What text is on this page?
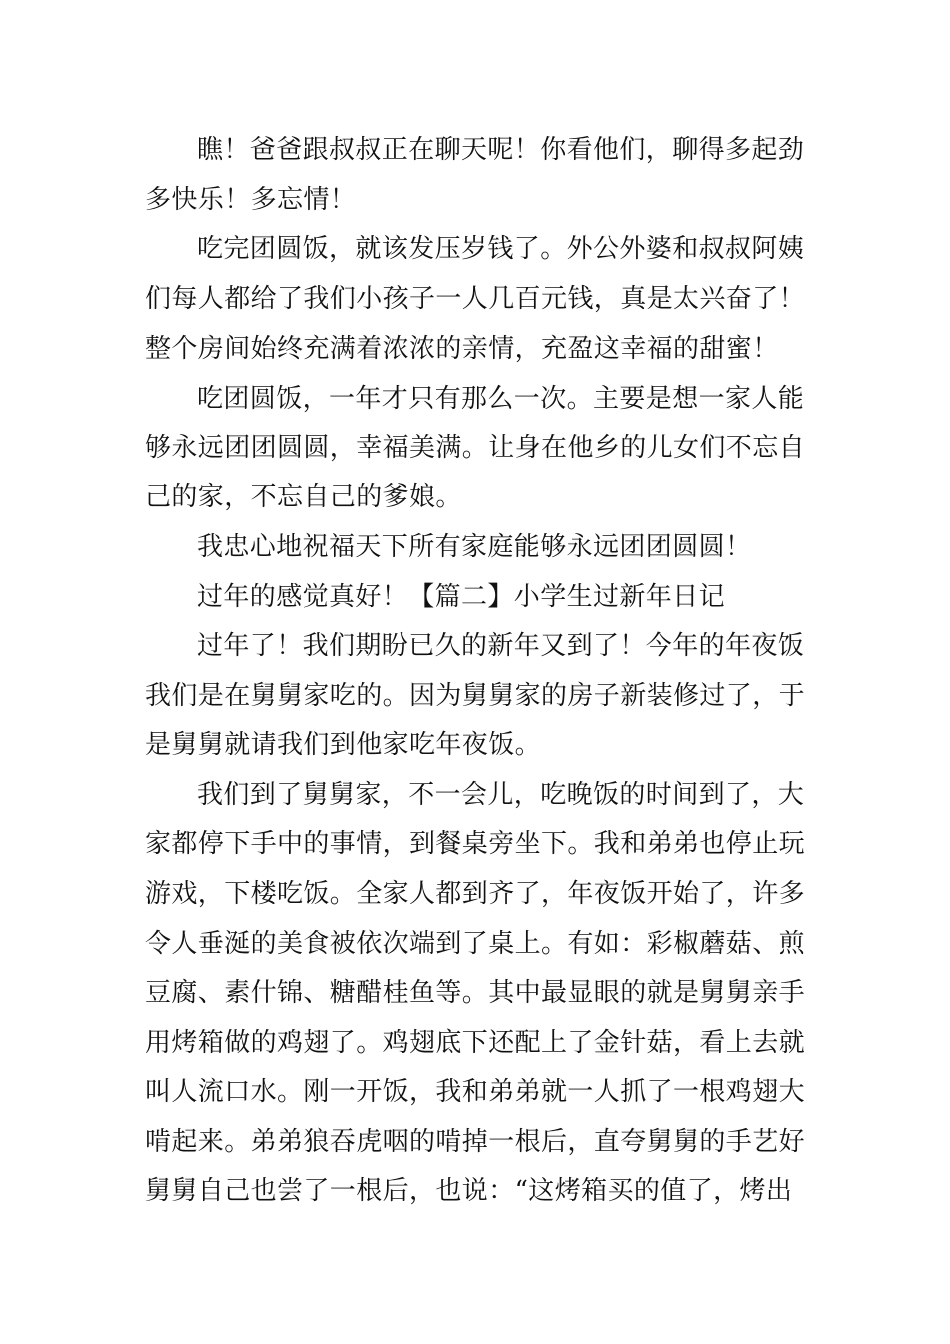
瞧！爸爸跟叔叔正在聊天呢！你看他们，聊得多起劲
多快乐！多忘情！
吃完团圆饭，就该发压岁钱了。外公外婆和叔叔阿姨
们每人都给了我们小孩子一人几百元钱，真是太兴奋了！
整个房间始终充满着浓浓的亲情，充盈这幸福的甜蜜！
吃团圆饭，一年才只有那么一次。主要是想一家人能
够永远团团圆圆，幸福美满。让身在他乡的儿女们不忘自
己的家，不忘自己的爹娘。
我忠心地祝福天下所有家庭能够永远团团圆圆！
过年的感觉真好！【篇二】小学生过新年日记
过年了！我们期盼已久的新年又到了！今年的年夜饭
我们是在舅舅家吃的。因为舅舅家的房子新装修过了，于
是舅舅就请我们到他家吃年夜饭。
我们到了舅舅家，不一会儿，吃晚饭的时间到了，大
家都停下手中的事情，到餐桌旁坐下。我和弟弟也停止玩
游戏，下楼吃饭。全家人都到齐了，年夜饭开始了，许多
令人垂涎的美食被依次端到了桌上。有如：彩椒蘑菇、煎
豆腐、素什锦、糖醋桂鱼等。其中最显眼的就是舅舅亲手
用烤箱做的鸡翅了。鸡翅底下还配上了金针菇，看上去就
叫人流口水。刚一开饭，我和弟弟就一人抓了一根鸡翅大
啃起来。弟弟狼吞虎咽的啃掉一根后，直夸舅舅的手艺好
舅舅自己也尝了一根后，也说：“这烤箱买的值了，烤出
